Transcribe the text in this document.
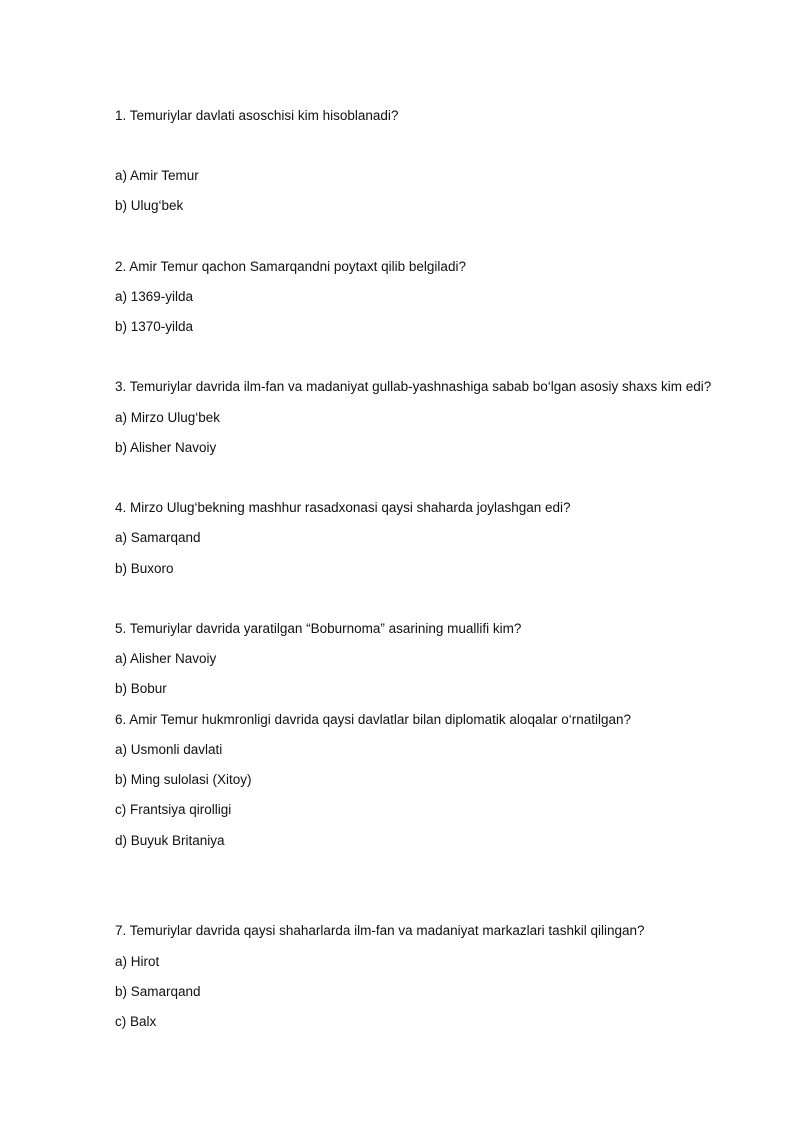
1. Temuriylar davlati asoschisi kim hisoblanadi?
a) Amir Temur
b) Ulug‘bek
2. Amir Temur qachon Samarqandni poytaxt qilib belgiladi?
a) 1369-yilda
b) 1370-yilda
3. Temuriylar davrida ilm-fan va madaniyat gullab-yashnashiga sabab bo‘lgan asosiy shaxs kim edi?
a) Mirzo Ulug‘bek
b) Alisher Navoiy
4. Mirzo Ulug‘bekning mashhur rasadxonasi qaysi shaharda joylashgan edi?
a) Samarqand
b) Buxoro
5. Temuriylar davrida yaratilgan “Boburnoma” asarining muallifi kim?
a) Alisher Navoiy
b) Bobur
6. Amir Temur hukmronligi davrida qaysi davlatlar bilan diplomatik aloqalar o‘rnatilgan?
a) Usmonli davlati
b) Ming sulolasi (Xitoy)
c) Frantsiya qirolligi
d) Buyuk Britaniya
7. Temuriylar davrida qaysi shaharlarda ilm-fan va madaniyat markazlari tashkil qilingan?
a) Hirot
b) Samarqand
c) Balx
